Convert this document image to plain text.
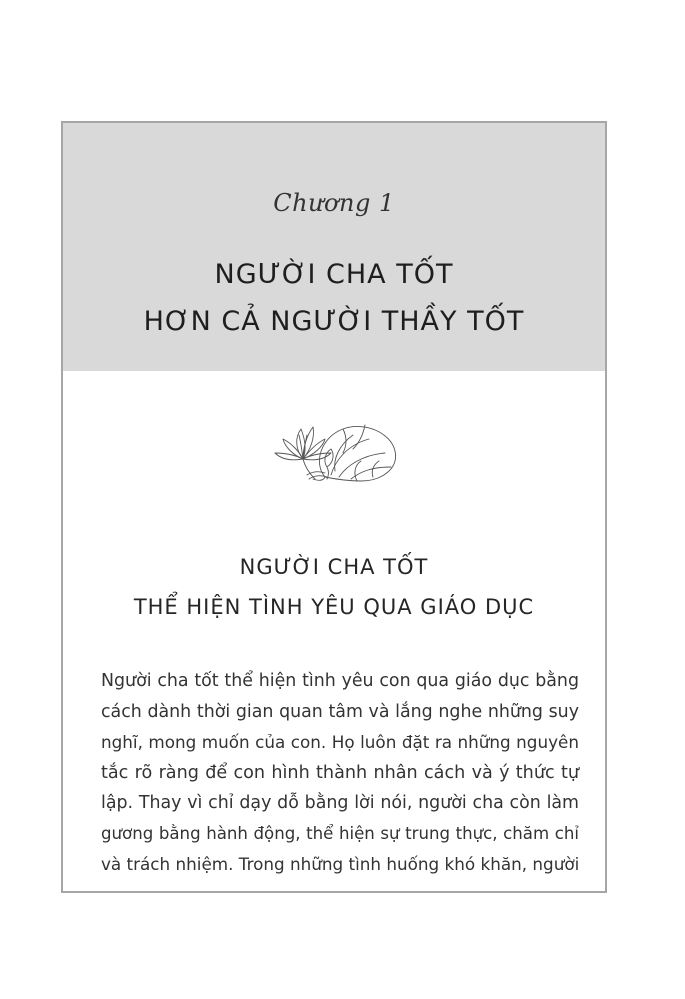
Chương 1
NGƯỜI CHA TỐT
HƠN CẢ NGƯỜI THẦY TỐT
NGƯỜI CHA TỐT
THỂ HIỆN TÌNH YÊU QUA GIÁO DỤC
Người cha tốt thể hiện tình yêu con qua giáo dục bằng
cách dành thời gian quan tâm và lắng nghe những suy
nghĩ, mong muốn của con. Họ luôn đặt ra những nguyên
tắc rõ ràng để con hình thành nhân cách và ý thức tự
lập. Thay vì chỉ dạy dỗ bằng lời nói, người cha còn làm
gương bằng hành động, thể hiện sự trung thực, chăm chỉ
và trách nhiệm. Trong những tình huống khó khăn, người
